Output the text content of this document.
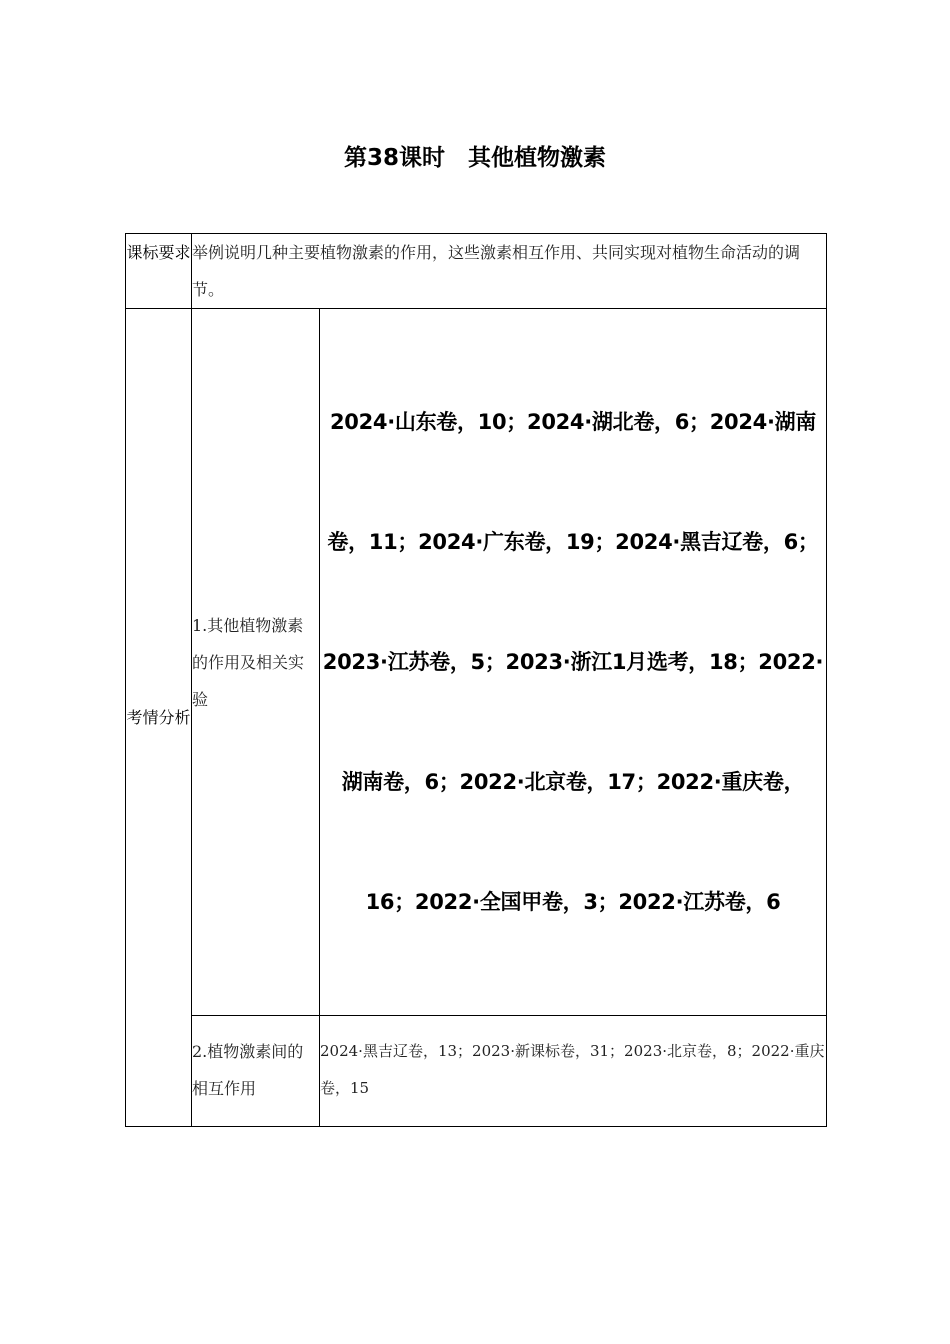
第38课时　其他植物激素
课标要求	举例说明几种主要植物激素的作用，这些激素相互作用、共同实现对植物生命活动的调节。	
考情分析	1.其他植物激素的作用及相关实验	2024·山东卷，10；2024·湖北卷，6；2024·湖南卷，11；2024·广东卷，19；2024·黑吉辽卷，6；2023·江苏卷，5；2023·浙江1月选考，18；2022·湖南卷，6；2022·北京卷，17；2022·重庆卷，16；2022·全国甲卷，3；2022·江苏卷，6
	2.植物激素间的相互作用	2024·黑吉辽卷，13；2023·新课标卷，31；2023·北京卷，8；2022·重庆卷，15
